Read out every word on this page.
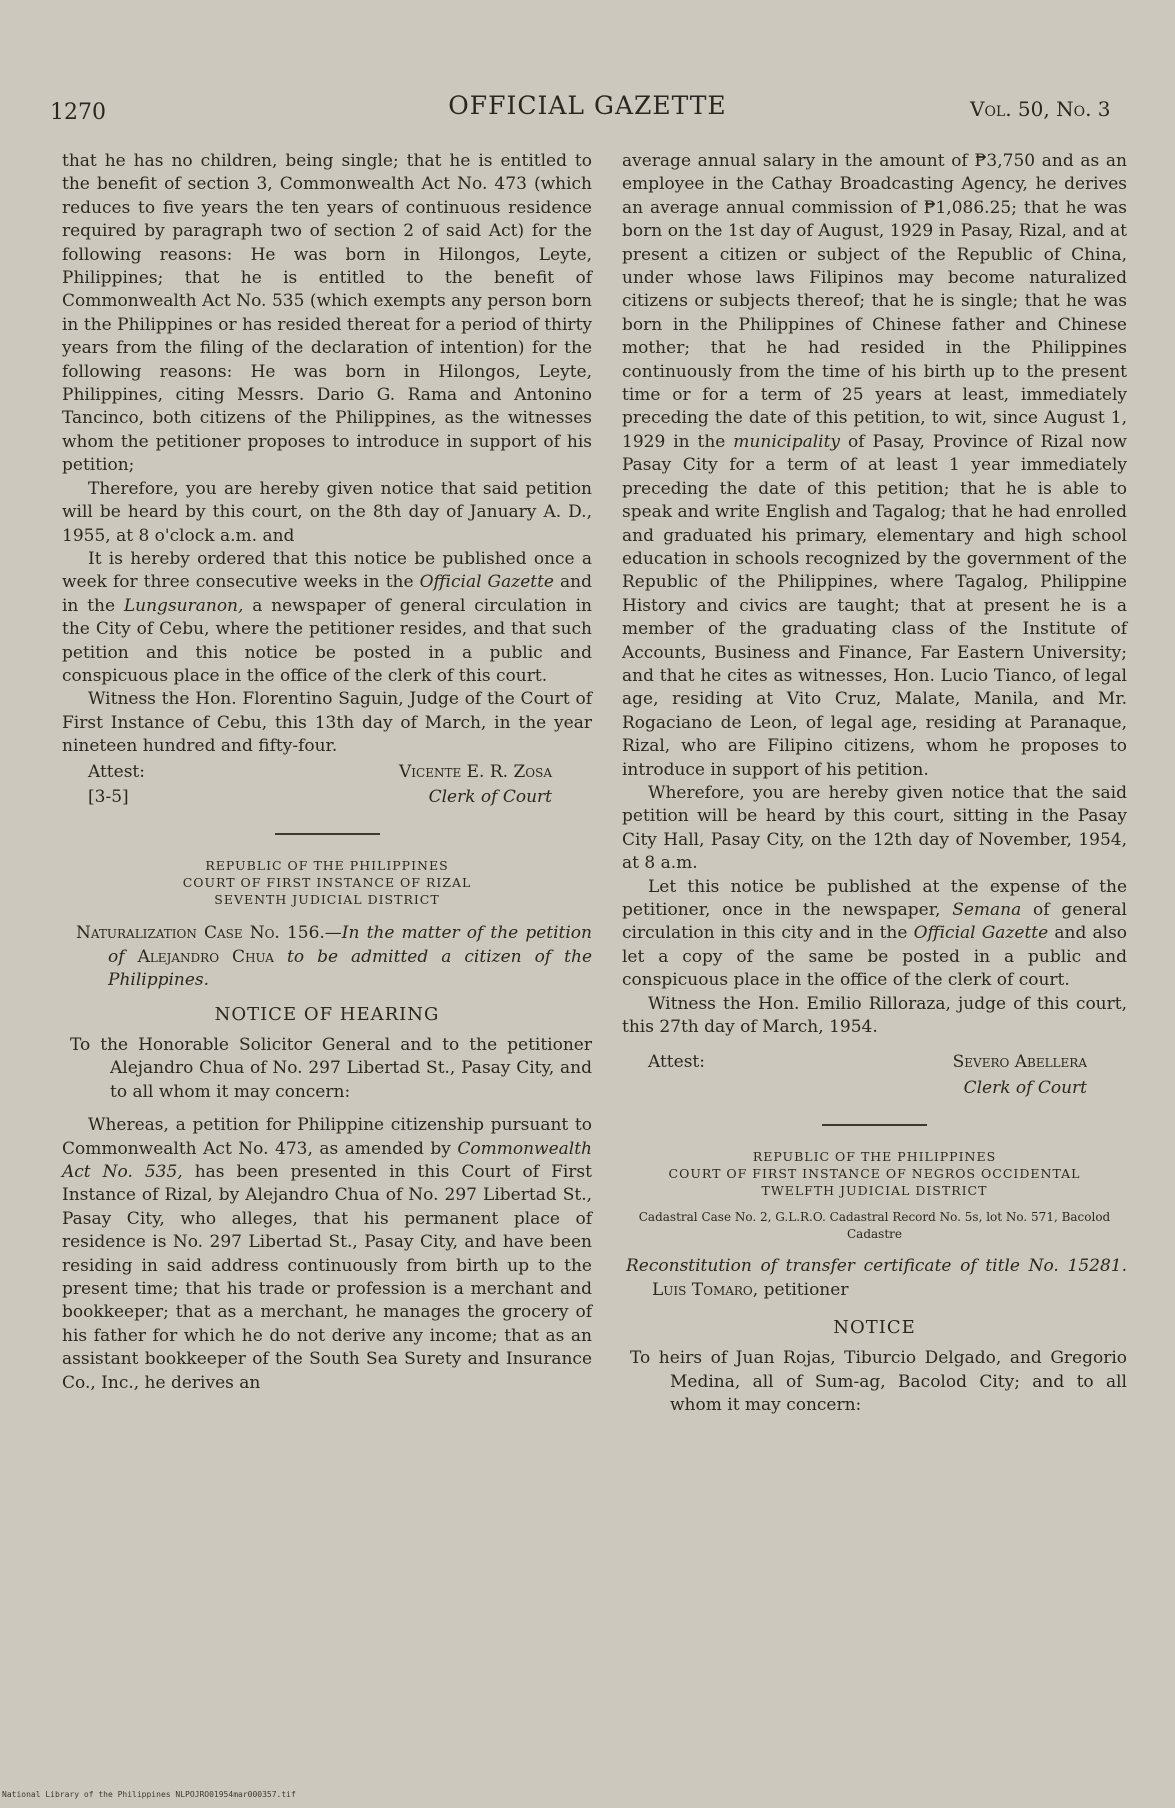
1270	OFFICIAL GAZETTE	Vol. 50, No. 3

that he has no children, being single; that he is entitled to the benefit of section 3, Commonwealth Act No. 473 (which reduces to five years the ten years of continuous residence required by paragraph two of section 2 of said Act) for the following reasons: He was born in Hilongos, Leyte, Philippines; that he is entitled to the benefit of Commonwealth Act No. 535 (which exempts any person born in the Philippines or has resided thereat for a period of thirty years from the filing of the declaration of intention) for the following reasons: He was born in Hilongos, Leyte, Philippines, citing Messrs. Dario G. Rama and Antonino Tancinco, both citizens of the Philippines, as the witnesses whom the petitioner proposes to introduce in support of his petition;

Therefore, you are hereby given notice that said petition will be heard by this court, on the 8th day of January A. D., 1955, at 8 o'clock a.m. and

It is hereby ordered that this notice be published once a week for three consecutive weeks in the Official Gazette and in the Lungsuranon, a newspaper of general circulation in the City of Cebu, where the petitioner resides, and that such petition and this notice be posted in a public and conspicuous place in the office of the clerk of this court.

Witness the Hon. Florentino Saguin, Judge of the Court of First Instance of Cebu, this 13th day of March, in the year nineteen hundred and fifty-four.

Attest:	Vicente E. R. Zosa
[3-5]	Clerk of Court
REPUBLIC OF THE PHILIPPINES
COURT OF FIRST INSTANCE OF RIZAL
SEVENTH JUDICIAL DISTRICT

Naturalization Case No. 156.—In the matter of the petition of Alejandro Chua to be admitted a citizen of the Philippines.

NOTICE OF HEARING

To the Honorable Solicitor General and to the petitioner Alejandro Chua of No. 297 Libertad St., Pasay City, and to all whom it may concern:

Whereas, a petition for Philippine citizenship pursuant to Commonwealth Act No. 473, as amended by Commonwealth Act No. 535, has been presented in this Court of First Instance of Rizal, by Alejandro Chua of No. 297 Libertad St., Pasay City, who alleges, that his permanent place of residence is No. 297 Libertad St., Pasay City, and have been residing in said address continuously from birth up to the present time; that his trade or profession is a merchant and bookkeeper; that as a merchant, he manages the grocery of his father for which he do not derive any income; that as an assistant bookkeeper of the South Sea Surety and Insurance Co., Inc., he derives an

average annual salary in the amount of ₱3,750 and as an employee in the Cathay Broadcasting Agency, he derives an average annual commission of ₱1,086.25; that he was born on the 1st day of August, 1929 in Pasay, Rizal, and at present a citizen or subject of the Republic of China, under whose laws Filipinos may become naturalized citizens or subjects thereof; that he is single; that he was born in the Philippines of Chinese father and Chinese mother; that he had resided in the Philippines continuously from the time of his birth up to the present time or for a term of 25 years at least, immediately preceding the date of this petition, to wit, since August 1, 1929 in the municipality of Pasay, Province of Rizal now Pasay City for a term of at least 1 year immediately preceding the date of this petition; that he is able to speak and write English and Tagalog; that he had enrolled and graduated his primary, elementary and high school education in schools recognized by the government of the Republic of the Philippines, where Tagalog, Philippine History and civics are taught; that at present he is a member of the graduating class of the Institute of Accounts, Business and Finance, Far Eastern University; and that he cites as witnesses, Hon. Lucio Tianco, of legal age, residing at Vito Cruz, Malate, Manila, and Mr. Rogaciano de Leon, of legal age, residing at Paranaque, Rizal, who are Filipino citizens, whom he proposes to introduce in support of his petition.

Wherefore, you are hereby given notice that the said petition will be heard by this court, sitting in the Pasay City Hall, Pasay City, on the 12th day of November, 1954, at 8 a.m.

Let this notice be published at the expense of the petitioner, once in the newspaper, Semana of general circulation in this city and in the Official Gazette and also let a copy of the same be posted in a public and conspicuous place in the office of the clerk of court.

Witness the Hon. Emilio Rilloraza, judge of this court, this 27th day of March, 1954.

Attest:	Severo Abellera
Clerk of Court
REPUBLIC OF THE PHILIPPINES
COURT OF FIRST INSTANCE OF NEGROS OCCIDENTAL
TWELFTH JUDICIAL DISTRICT
Cadastral Case No. 2, G.L.R.O. Cadastral Record No. 5s, lot No. 571, Bacolod Cadastre

Reconstitution of transfer certificate of title No. 15281. Luis Tomaro, petitioner

NOTICE

To heirs of Juan Rojas, Tiburcio Delgado, and Gregorio Medina, all of Sum-ag, Bacolod City; and to all whom it may concern:

National Library of the Philippines NLPOJRO01954mar000357.tif
